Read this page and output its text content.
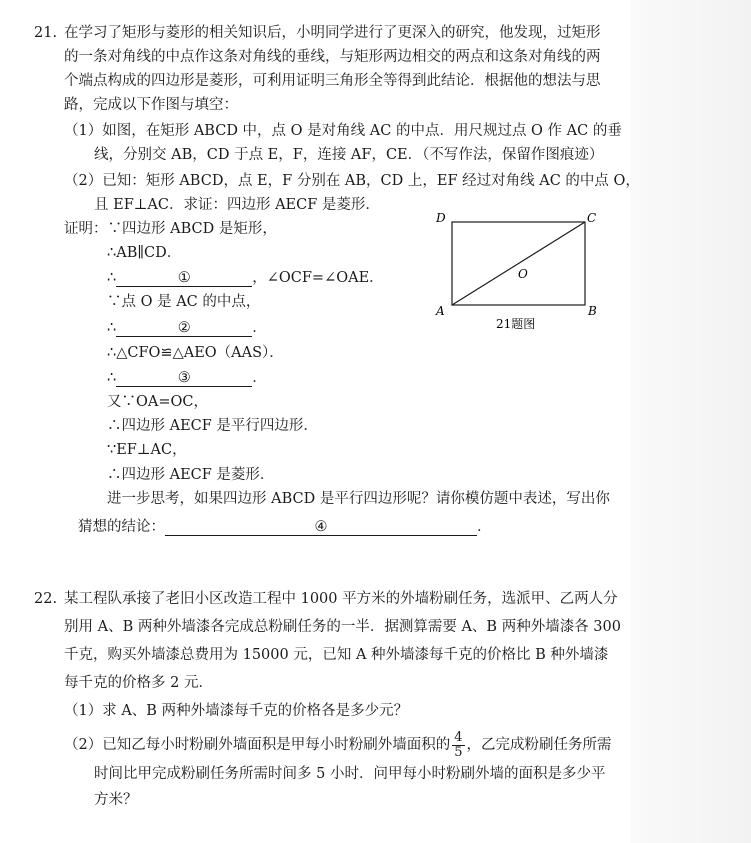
21. 在学习了矩形与菱形的相关知识后，小明同学进行了更深入的研究，他发现，过矩形
的一条对角线的中点作这条对角线的垂线，与矩形两边相交的两点和这条对角线的两
个端点构成的四边形是菱形，可利用证明三角形全等得到此结论．根据他的想法与思
路，完成以下作图与填空：
（1）如图，在矩形 ABCD 中，点 O 是对角线 AC 的中点．用尺规过点 O 作 AC 的垂
线，分别交 AB，CD 于点 E，F，连接 AF，CE．（不写作法，保留作图痕迹）
（2）已知：矩形 ABCD，点 E，F 分别在 AB，CD 上，EF 经过对角线 AC 的中点 O，
且 EF⊥AC．求证：四边形 AECF 是菱形．
证明：∵四边形 ABCD 是矩形，
∴AB∥CD．
∴	①	，∠OCF=∠OAE．
∵点 O 是 AC 的中点，
∴	②	．
∴△CFO≌△AEO（AAS）．
∴	③	．
又∵OA=OC，
∴四边形 AECF 是平行四边形．
∵EF⊥AC，
∴四边形 AECF 是菱形．
进一步思考，如果四边形 ABCD 是平行四边形呢？请你模仿题中表述，写出你
猜想的结论：	④	．
A	B
C
D
O
21题图
22. 某工程队承接了老旧小区改造工程中 1000 平方米的外墙粉刷任务，选派甲、乙两人分
别用 A、B 两种外墙漆各完成总粉刷任务的一半．据测算需要 A、B 两种外墙漆各 300
千克，购买外墙漆总费用为 15000 元，已知 A 种外墙漆每千克的价格比 B 种外墙漆
每千克的价格多 2 元．
（1）求 A、B 两种外墙漆每千克的价格各是多少元？
（2）已知乙每小时粉刷外墙面积是甲每小时粉刷外墙面积的 $\frac{4}{5}$ ，乙完成粉刷任务所需
时间比甲完成粉刷任务所需时间多 5 小时．问甲每小时粉刷外墙的面积是多少平
方米？
